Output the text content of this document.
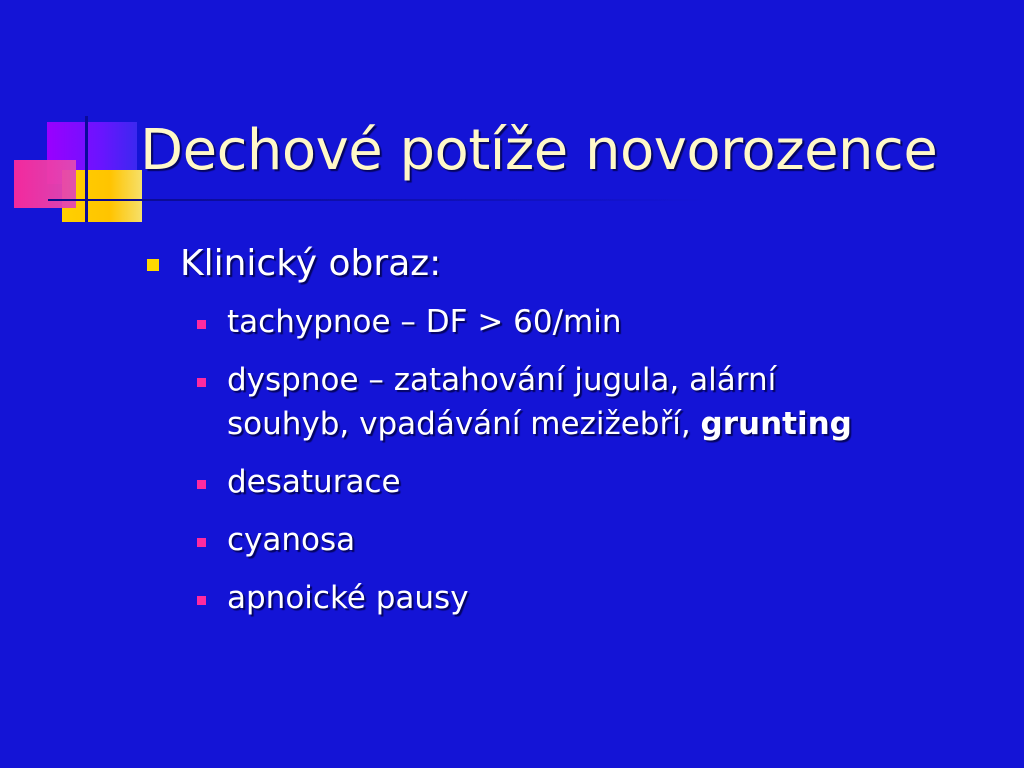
Dechové potíže novorozence
Klinický obraz:
tachypnoe – DF > 60/min
dyspnoe – zatahování jugula, alární
souhyb, vpadávání mezižebří, grunting
desaturace
cyanosa
apnoické pausy
